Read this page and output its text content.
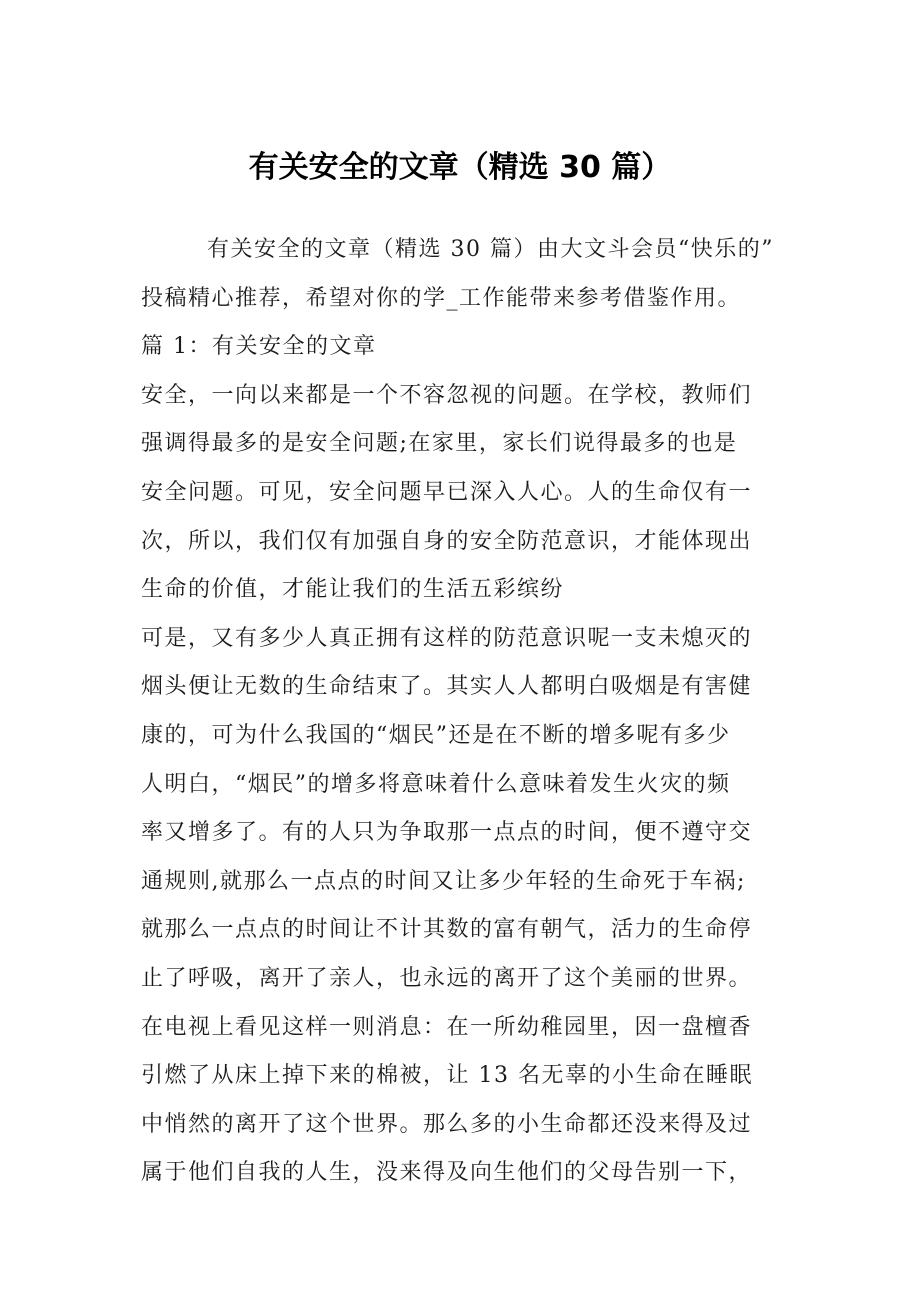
有关安全的文章（精选 30 篇）
有关安全的文章（精选 30 篇）由大文斗会员“快乐的”
投稿精心推荐，希望对你的学_工作能带来参考借鉴作用。
篇 1：有关安全的文章
安全，一向以来都是一个不容忽视的问题。在学校，教师们
强调得最多的是安全问题;在家里，家长们说得最多的也是
安全问题。可见，安全问题早已深入人心。人的生命仅有一
次，所以，我们仅有加强自身的安全防范意识，才能体现出
生命的价值，才能让我们的生活五彩缤纷
可是，又有多少人真正拥有这样的防范意识呢一支未熄灭的
烟头便让无数的生命结束了。其实人人都明白吸烟是有害健
康的，可为什么我国的“烟民”还是在不断的增多呢有多少
人明白，“烟民”的增多将意味着什么意味着发生火灾的频
率又增多了。有的人只为争取那一点点的时间，便不遵守交
通规则,就那么一点点的时间又让多少年轻的生命死于车祸;
就那么一点点的时间让不计其数的富有朝气，活力的生命停
止了呼吸，离开了亲人，也永远的离开了这个美丽的世界。
在电视上看见这样一则消息：在一所幼稚园里，因一盘檀香
引燃了从床上掉下来的棉被，让 13 名无辜的小生命在睡眠
中悄然的离开了这个世界。那么多的小生命都还没来得及过
属于他们自我的人生，没来得及向生他们的父母告别一下，
